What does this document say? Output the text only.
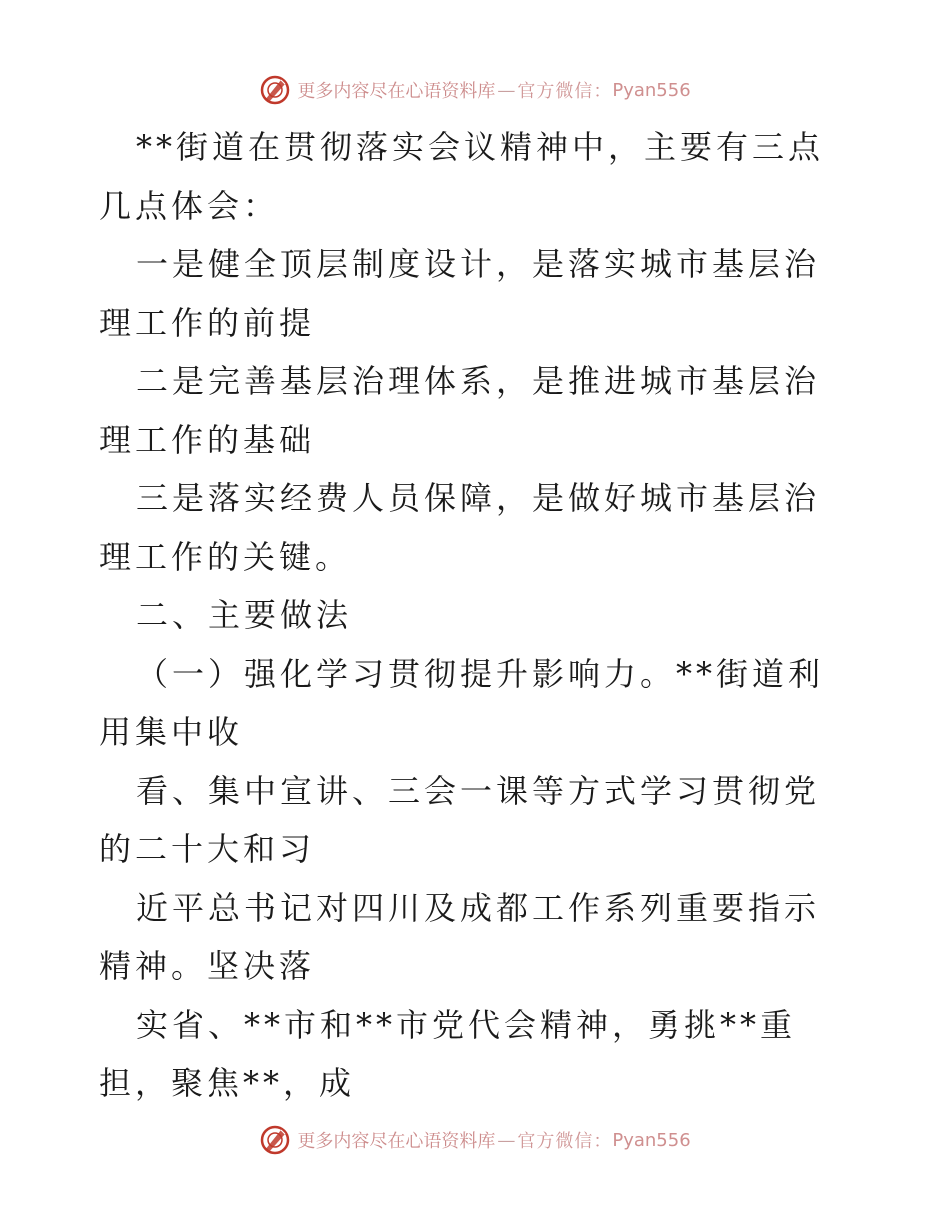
更多内容尽在心语资料库 — 官方微信： Pyan556

**街道在贯彻落实会议精神中，主要有三点几点体会：

一是健全顶层制度设计，是落实城市基层治理工作的前提

二是完善基层治理体系，是推进城市基层治理工作的基础

三是落实经费人员保障，是做好城市基层治理工作的关键。

二、主要做法

（一）强化学习贯彻提升影响力。**街道利用集中收

看、集中宣讲、三会一课等方式学习贯彻党的二十大和习

近平总书记对四川及成都工作系列重要指示精神。坚决落

实省、**市和**市党代会精神，勇挑**重担，聚焦**，成

更多内容尽在心语资料库 — 官方微信： Pyan556
